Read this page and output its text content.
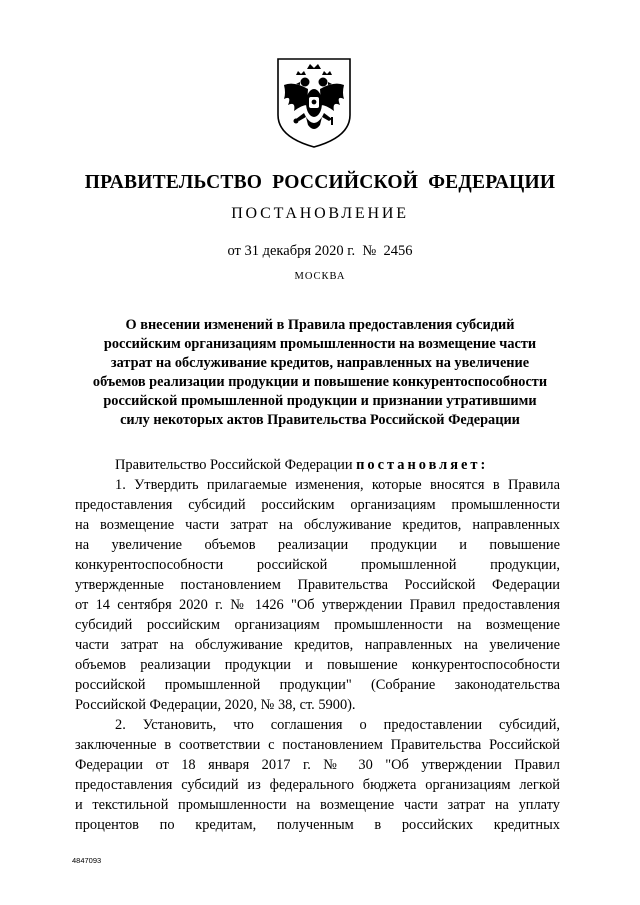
ПРАВИТЕЛЬСТВО  РОССИЙСКОЙ  ФЕДЕРАЦИИ
ПОСТАНОВЛЕНИЕ
от 31 декабря 2020 г.  №  2456
МОСКВА
О внесении изменений в Правила предоставления субсидий
российским организациям промышленности на возмещение части
затрат на обслуживание кредитов, направленных на увеличение
объемов реализации продукции и повышение конкурентоспособности
российской промышленной продукции и признании утратившими
силу некоторых актов Правительства Российской Федерации
Правительство Российской Федерации постановляет:
1. Утвердить прилагаемые изменения, которые вносятся в Правила
предоставления субсидий российским организациям промышленности
на возмещение части затрат на обслуживание кредитов, направленных
на увеличение объемов реализации продукции и повышение
конкурентоспособности российской промышленной продукции,
утвержденные постановлением Правительства Российской Федерации
от 14 сентября 2020 г. № 1426 "Об утверждении Правил предоставления
субсидий российским организациям промышленности на возмещение
части затрат на обслуживание кредитов, направленных на увеличение
объемов реализации продукции и повышение конкурентоспособности
российской промышленной продукции" (Собрание законодательства
Российской Федерации, 2020, № 38, ст. 5900).
2. Установить, что соглашения о предоставлении субсидий,
заключенные в соответствии с постановлением Правительства Российской
Федерации от 18 января 2017 г. № 30 "Об утверждении Правил
предоставления субсидий из федерального бюджета организациям легкой
и текстильной промышленности на возмещение части затрат на уплату
процентов по кредитам, полученным в российских кредитных
4847093
